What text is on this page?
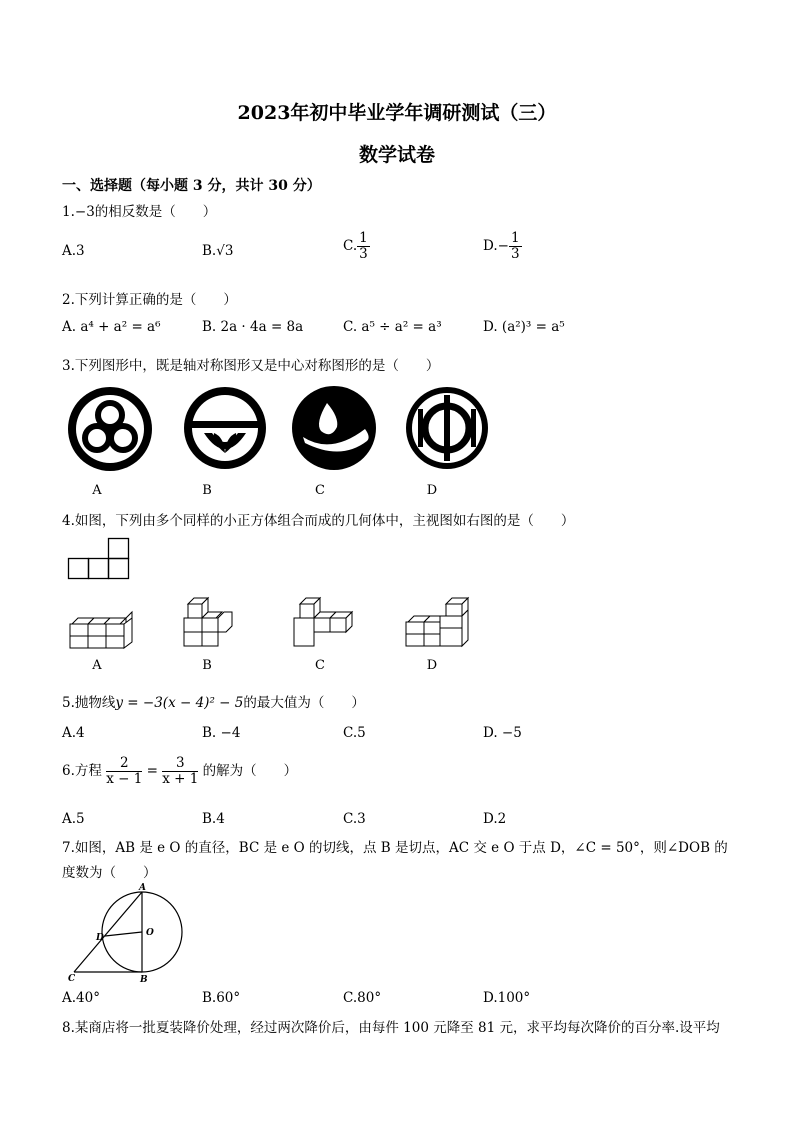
2023年初中毕业学年调研测试（三）
数学试卷
一、选择题（每小题 3 分，共计 30 分）
1.−3的相反数是（　　）
A.3	B.√3	C. $\frac{1}{3}$	$D.- \frac{1}{3}$
2.下列计算正确的是（　　）
A. a⁴ + a² = a⁶	B. 2a · 4a = 8a	C. a⁵ ÷ a² = a³	D. (a²)³ = a⁵
3.下列图形中，既是轴对称图形又是中心对称图形的是（　　）
A	B	C	D
4.如图，下列由多个同样的小正方体组合而成的几何体中，主视图如右图的是（　　）
A	B	C	D
5.抛物线y = −3(x − 4)² − 5的最大值为（　　）
A.4	B. −4	C.5	D. −5
6.方程 $\frac{2}{x - 1} = \frac{3}{x + 1}$ 的解为（　　）
A.5	B.4	C.3	D.2
7.如图，AB 是 e O 的直径，BC 是 e O 的切线，点 B 是切点，AC 交 e O 于点 D，∠C = 50°，则∠DOB 的
度数为（　　）
A
O
D
C	B
A.40°	B.60°	C.80°	D.100°
8.某商店将一批夏装降价处理，经过两次降价后，由每件 100 元降至 81 元，求平均每次降价的百分率.设平均
